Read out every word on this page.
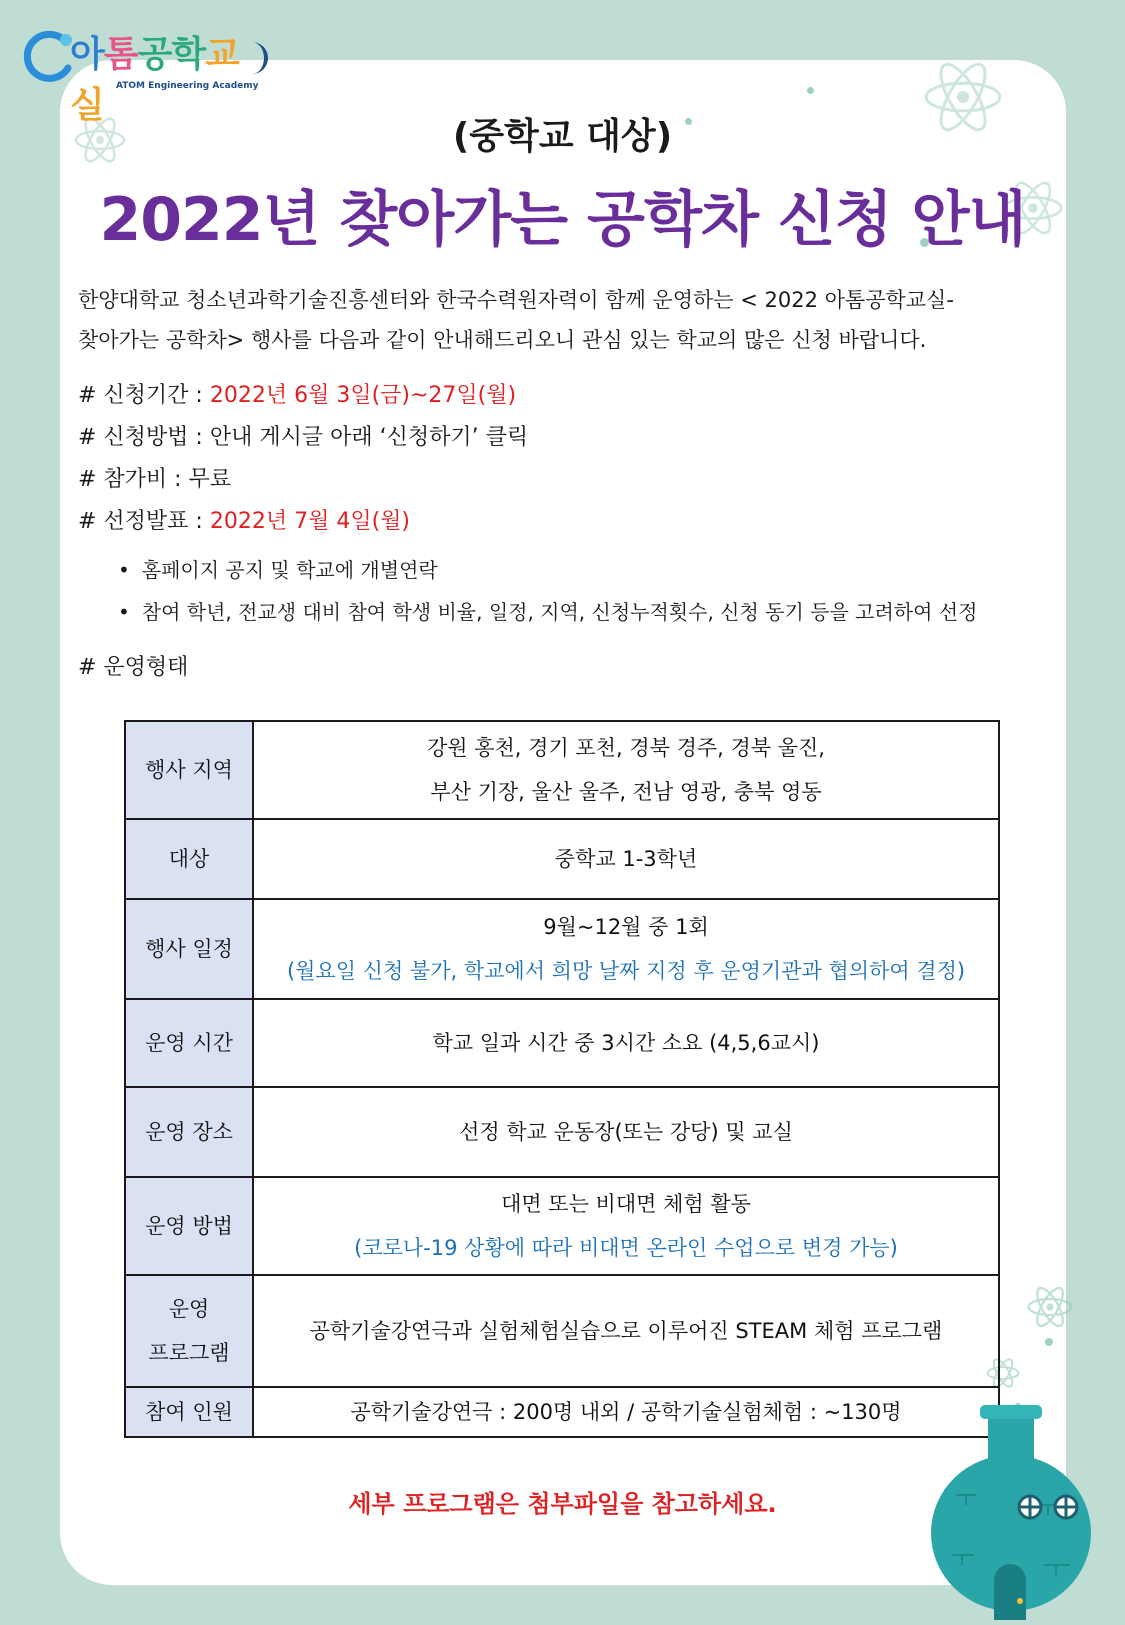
아톰공학교실	ATOM Engineering Academy
(중학교 대상)
2022년 찾아가는 공학차 신청 안내
한양대학교 청소년과학기술진흥센터와 한국수력원자력이 함께 운영하는 < 2022 아톰공학교실-
찾아가는 공학차> 행사를 다음과 같이 안내해드리오니 관심 있는 학교의 많은 신청 바랍니다.
# 신청기간 : 2022년 6월 3일(금)~27일(월)
# 신청방법 : 안내 게시글 아래 ‘신청하기’ 클릭
# 참가비 : 무료
# 선정발표 : 2022년 7월 4일(월)
• 홈페이지 공지 및 학교에 개별연락
• 참여 학년, 전교생 대비 참여 학생 비율, 일정, 지역, 신청누적횟수, 신청 동기 등을 고려하여 선정
# 운영형태
행사 지역	강원 홍천, 경기 포천, 경북 경주, 경북 울진,
부산 기장, 울산 울주, 전남 영광, 충북 영동

대상	중학교 1-3학년
행사 일정	9월~12월 중 1회
(월요일 신청 불가, 학교에서 희망 날짜 지정 후 운영기관과 협의하여 결정)

운영 시간	학교 일과 시간 중 3시간 소요 (4,5,6교시)
운영 장소	선정 학교 운동장(또는 강당) 및 교실
운영 방법	대면 또는 비대면 체험 활동
(코로나-19 상황에 따라 비대면 온라인 수업으로 변경 가능)

운영
프로그램	공학기술강연극과 실험체험실습으로 이루어진 STEAM 체험 프로그램
참여 인원	공학기술강연극 : 200명 내외 / 공학기술실험체험 : ~130명
세부 프로그램은 첨부파일을 참고하세요.
